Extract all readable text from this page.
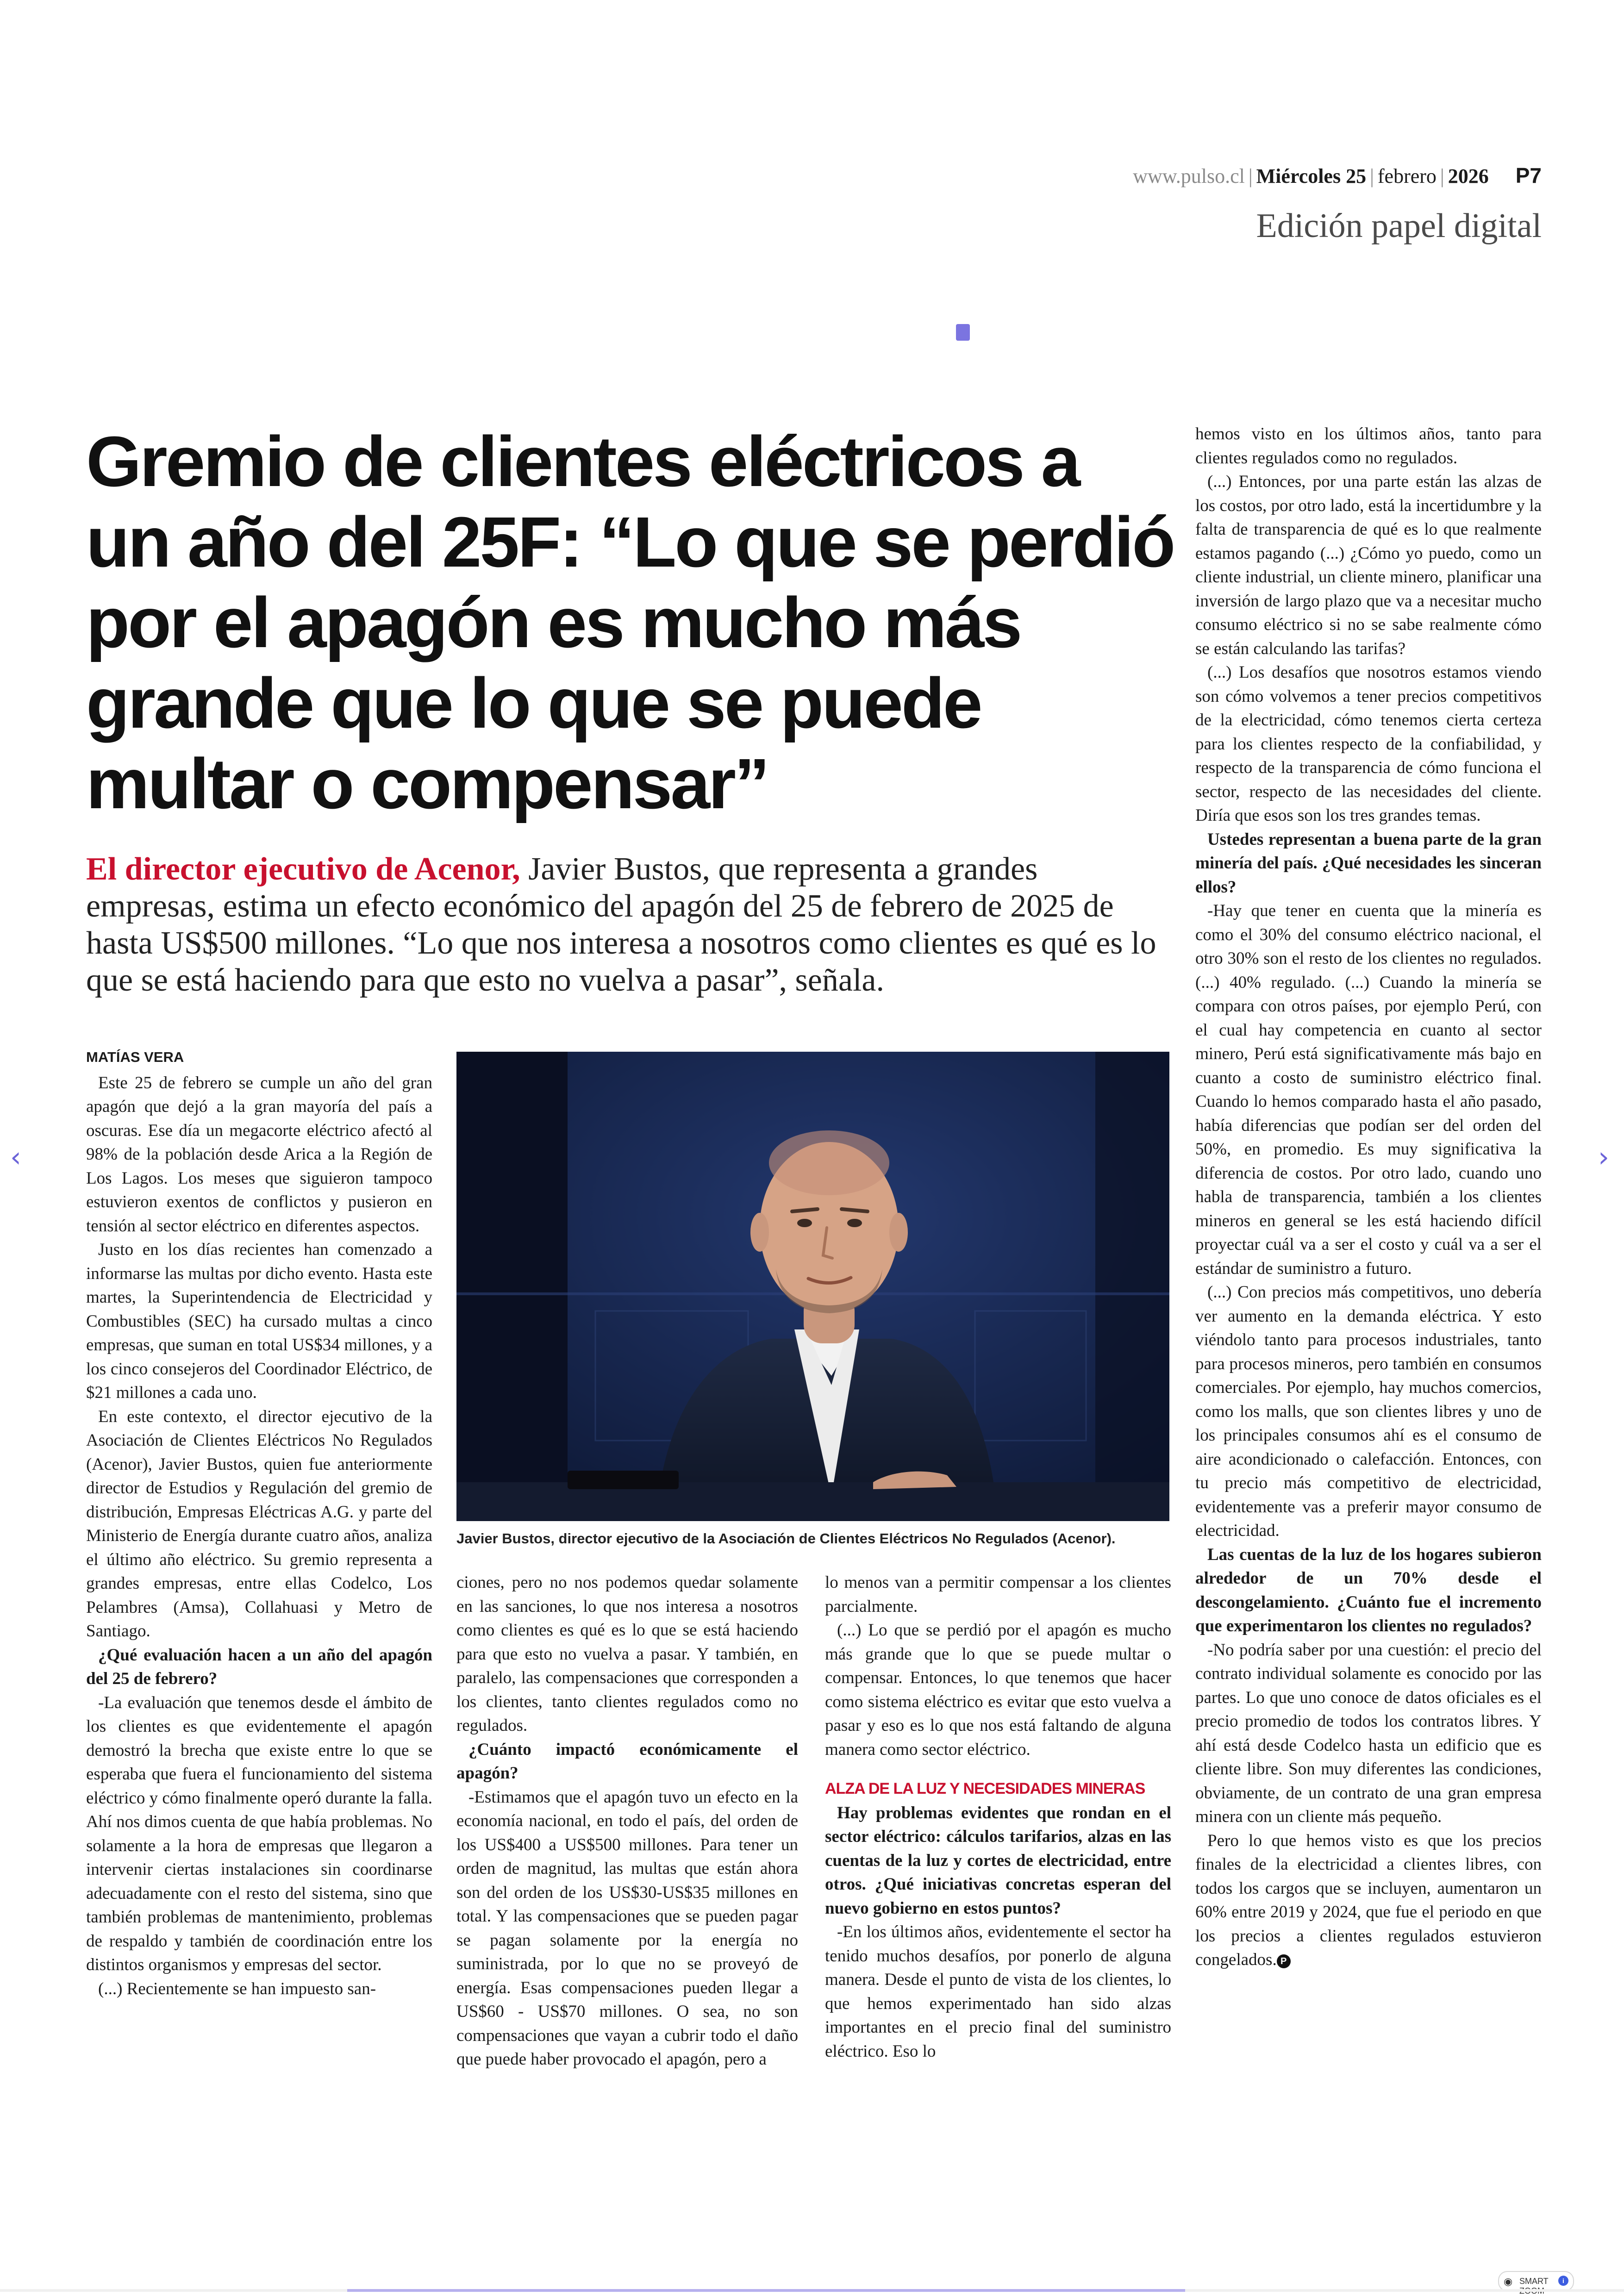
www.pulso.cl | Miércoles 25 | febrero | 2026 P7
Edición papel digital
Gremio de clientes eléctricos a un año del 25F: “Lo que se perdió por el apagón es mucho más grande que lo que se puede multar o compensar”
El director ejecutivo de Acenor, Javier Bustos, que representa a grandes empresas, estima un efecto económico del apagón del 25 de febrero de 2025 de hasta US$500 millones. “Lo que nos interesa a nosotros como clientes es qué es lo que se está haciendo para que esto no vuelva a pasar”, señala.

MATÍAS VERA

Este 25 de febrero se cumple un año del gran apagón que dejó a la gran mayoría del país a oscuras. Ese día un megacorte eléctrico afectó al 98% de la población desde Arica a la Región de Los Lagos. Los meses que siguieron tampoco estuvieron exentos de conflictos y pusieron en tensión al sector eléctrico en diferentes aspectos.

Justo en los días recientes han comenzado a informarse las multas por dicho evento. Hasta este martes, la Superintendencia de Electricidad y Combustibles (SEC) ha cursado multas a cinco empresas, que suman en total US$34 millones, y a los cinco consejeros del Coordinador Eléctrico, de $21 millones a cada uno.

En este contexto, el director ejecutivo de la Asociación de Clientes Eléctricos No Regulados (Acenor), Javier Bustos, quien fue anteriormente director de Estudios y Regulación del gremio de distribución, Empresas Eléctricas A.G. y parte del Ministerio de Energía durante cuatro años, analiza el último año eléctrico. Su gremio representa a grandes empresas, entre ellas Codelco, Los Pelambres (Amsa), Collahuasi y Metro de Santiago.

¿Qué evaluación hacen a un año del apagón del 25 de febrero?

-La evaluación que tenemos desde el ámbito de los clientes es que evidentemente el apagón demostró la brecha que existe entre lo que se esperaba que fuera el funcionamiento del sistema eléctrico y cómo finalmente operó durante la falla. Ahí nos dimos cuenta de que había problemas. No solamente a la hora de empresas que llegaron a intervenir ciertas instalaciones sin coordinarse adecuadamente con el resto del sistema, sino que también problemas de mantenimiento, problemas de respaldo y también de coordinación entre los distintos organismos y empresas del sector.

(...) Recientemente se han impuesto san-

Javier Bustos, director ejecutivo de la Asociación de Clientes Eléctricos No Regulados (Acenor).

ciones, pero no nos podemos quedar solamente en las sanciones, lo que nos interesa a nosotros como clientes es qué es lo que se está haciendo para que esto no vuelva a pasar. Y también, en paralelo, las compensaciones que corresponden a los clientes, tanto clientes regulados como no regulados.

¿Cuánto impactó económicamente el apagón?

-Estimamos que el apagón tuvo un efecto en la economía nacional, en todo el país, del orden de los US$400 a US$500 millones. Para tener un orden de magnitud, las multas que están ahora son del orden de los US$30-US$35 millones en total. Y las compensaciones que se pueden pagar se pagan solamente por la energía no suministrada, por lo que no se proveyó de energía. Esas compensaciones pueden llegar a US$60 - US$70 millones. O sea, no son compensaciones que vayan a cubrir todo el daño que puede haber provocado el apagón, pero a

lo menos van a permitir compensar a los clientes parcialmente.

(...) Lo que se perdió por el apagón es mucho más grande que lo que se puede multar o compensar. Entonces, lo que tenemos que hacer como sistema eléctrico es evitar que esto vuelva a pasar y eso es lo que nos está faltando de alguna manera como sector eléctrico.

ALZA DE LA LUZ Y NECESIDADES MINERAS

Hay problemas evidentes que rondan en el sector eléctrico: cálculos tarifarios, alzas en las cuentas de la luz y cortes de electricidad, entre otros. ¿Qué iniciativas concretas esperan del nuevo gobierno en estos puntos?

-En los últimos años, evidentemente el sector ha tenido muchos desafíos, por ponerlo de alguna manera. Desde el punto de vista de los clientes, lo que hemos experimentado han sido alzas importantes en el precio final del suministro eléctrico. Eso lo

hemos visto en los últimos años, tanto para clientes regulados como no regulados.

(...) Entonces, por una parte están las alzas de los costos, por otro lado, está la incertidumbre y la falta de transparencia de qué es lo que realmente estamos pagando (...) ¿Cómo yo puedo, como un cliente industrial, un cliente minero, planificar una inversión de largo plazo que va a necesitar mucho consumo eléctrico si no se sabe realmente cómo se están calculando las tarifas?

(...) Los desafíos que nosotros estamos viendo son cómo volvemos a tener precios competitivos de la electricidad, cómo tenemos cierta certeza para los clientes respecto de la confiabilidad, y respecto de la transparencia de cómo funciona el sector, respecto de las necesidades del cliente. Diría que esos son los tres grandes temas.

Ustedes representan a buena parte de la gran minería del país. ¿Qué necesidades les sinceran ellos?

-Hay que tener en cuenta que la minería es como el 30% del consumo eléctrico nacional, el otro 30% son el resto de los clientes no regulados. (...) 40% regulado. (...) Cuando la minería se compara con otros países, por ejemplo Perú, con el cual hay competencia en cuanto al sector minero, Perú está significativamente más bajo en cuanto a costo de suministro eléctrico final. Cuando lo hemos comparado hasta el año pasado, había diferencias que podían ser del orden del 50%, en promedio. Es muy significativa la diferencia de costos. Por otro lado, cuando uno habla de transparencia, también a los clientes mineros en general se les está haciendo difícil proyectar cuál va a ser el costo y cuál va a ser el estándar de suministro a futuro.

(...) Con precios más competitivos, uno debería ver aumento en la demanda eléctrica. Y esto viéndolo tanto para procesos industriales, tanto para procesos mineros, pero también en consumos comerciales. Por ejemplo, hay muchos comercios, como los malls, que son clientes libres y uno de los principales consumos ahí es el consumo de aire acondicionado o calefacción. Entonces, con tu precio más competitivo de electricidad, evidentemente vas a preferir mayor consumo de electricidad.

Las cuentas de la luz de los hogares subieron alrededor de un 70% desde el descongelamiento. ¿Cuánto fue el incremento que experimentaron los clientes no regulados?

-No podría saber por una cuestión: el precio del contrato individual solamente es conocido por las partes. Lo que uno conoce de datos oficiales es el precio promedio de todos los contratos libres. Y ahí está desde Codelco hasta un edificio que es cliente libre. Son muy diferentes las condiciones, obviamente, de un contrato de una gran empresa minera con un cliente más pequeño.

Pero lo que hemos visto es que los precios finales de la electricidad a clientes libres, con todos los cargos que se incluyen, aumentaron un 60% entre 2019 y 2024, que fue el periodo en que los precios a clientes regulados estuvieron congelados. P

‹	›
◉ SMART	i
